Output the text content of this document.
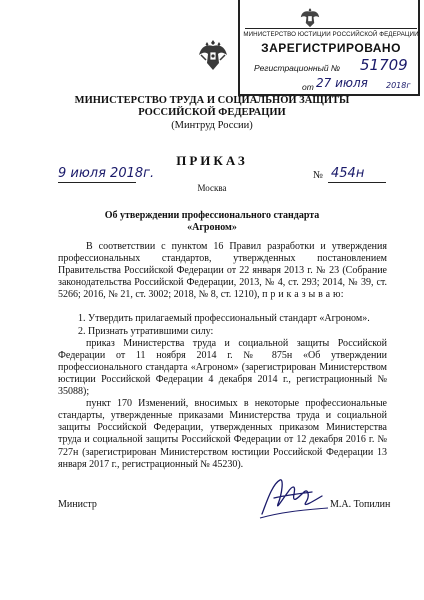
МИНИСТЕРСТВО ЮСТИЦИИ РОССИЙСКОЙ ФЕДЕРАЦИИ
ЗАРЕГИСТРИРОВАНО
Регистрационный № 51709
от 27 июля 2018г
МИНИСТЕРСТВО ТРУДА И СОЦИАЛЬНОЙ ЗАЩИТЫ
РОССИЙСКОЙ ФЕДЕРАЦИИ
(Минтруд России)
ПРИКАЗ
9 июля 2018г.
Москва
№ 454н
Об утверждении профессионального стандарта
«Агроном»

В соответствии с пунктом 16 Правил разработки и утверждения профессиональных стандартов, утвержденных постановлением Правительства Российской Федерации от 22 января 2013 г. № 23 (Собрание законодательства Российской Федерации, 2013, № 4, ст. 293; 2014, № 39, ст. 5266; 2016, № 21, ст. 3002; 2018, № 8, ст. 1210), п р и к а з ы в а ю:

1. Утвердить прилагаемый профессиональный стандарт «Агроном».

2. Признать утратившими силу:

приказ Министерства труда и социальной защиты Российской Федерации от 11 ноября 2014 г. № 875н «Об утверждении профессионального стандарта «Агроном» (зарегистрирован Министерством юстиции Российской Федерации 4 декабря 2014 г., регистрационный № 35088);

пункт 170 Изменений, вносимых в некоторые профессиональные стандарты, утвержденные приказами Министерства труда и социальной защиты Российской Федерации, утвержденных приказом Министерства труда и социальной защиты Российской Федерации от 12 декабря 2016 г. № 727н (зарегистрирован Министерством юстиции Российской Федерации 13 января 2017 г., регистрационный № 45230).

Министр	М.А. Топилин
